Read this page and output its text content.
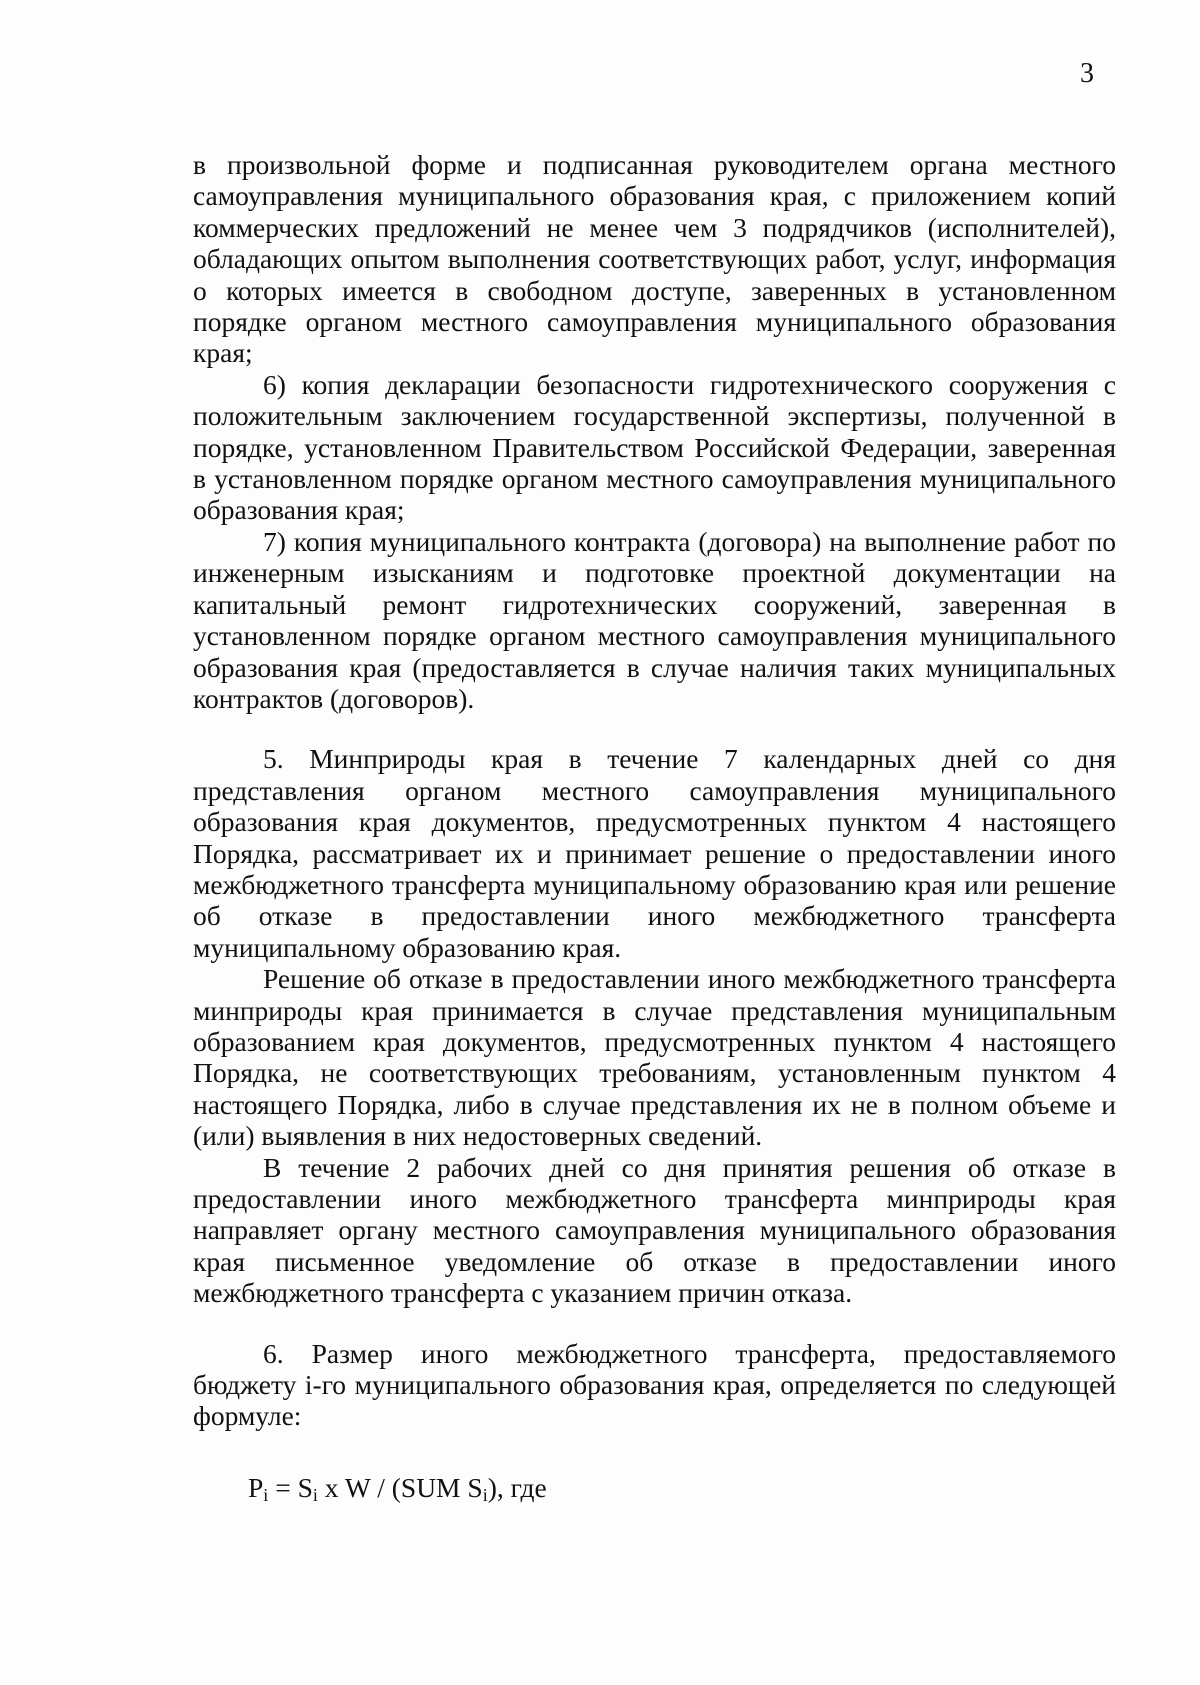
3

в произвольной форме и подписанная руководителем органа местного самоуправления муниципального образования края, с приложением копий коммерческих предложений не менее чем 3 подрядчиков (исполнителей), обладающих опытом выполнения соответствующих работ, услуг, информация о которых имеется в свободном доступе, заверенных в установленном порядке органом местного самоуправления муниципального образования края;

6) копия декларации безопасности гидротехнического сооружения с положительным заключением государственной экспертизы, полученной в порядке, установленном Правительством Российской Федерации, заверенная в установленном порядке органом местного самоуправления муниципального образования края;

7) копия муниципального контракта (договора) на выполнение работ по инженерным изысканиям и подготовке проектной документации на капитальный ремонт гидротехнических сооружений, заверенная в установленном порядке органом местного самоуправления муниципального образования края (предоставляется в случае наличия таких муниципальных контрактов (договоров).

5. Минприроды края в течение 7 календарных дней со дня представления органом местного самоуправления муниципального образования края документов, предусмотренных пунктом 4 настоящего Порядка, рассматривает их и принимает решение о предоставлении иного межбюджетного трансферта муниципальному образованию края или решение об отказе в предоставлении иного межбюджетного трансферта муниципальному образованию края.

Решение об отказе в предоставлении иного межбюджетного трансферта минприроды края принимается в случае представления муниципальным образованием края документов, предусмотренных пунктом 4 настоящего Порядка, не соответствующих требованиям, установленным пунктом 4 настоящего Порядка, либо в случае представления их не в полном объеме и (или) выявления в них недостоверных сведений.

В течение 2 рабочих дней со дня принятия решения об отказе в предоставлении иного межбюджетного трансферта минприроды края направляет органу местного самоуправления муниципального образования края письменное уведомление об отказе в предоставлении иного межбюджетного трансферта с указанием причин отказа.

6. Размер иного межбюджетного трансферта, предоставляемого бюджету i-го муниципального образования края, определяется по следующей формуле:

$P_i = S_i$ x W / (SUM $S_i$), где
